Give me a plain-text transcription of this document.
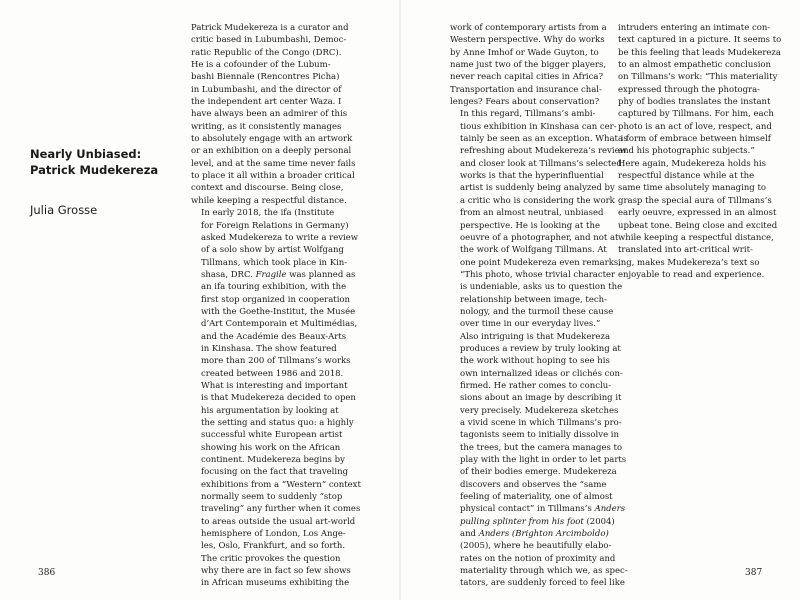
Nearly Unbiased:
Patrick Mudekereza
Julia Grosse

Patrick Mudekereza is a curator and
critic based in Lubumbashi, Democ-
ratic Republic of the Congo (DRC).
He is a cofounder of the Lubum-
bashi Biennale (Rencontres Picha)
in Lubumbashi, and the director of
the independent art center Waza. I
have always been an admirer of this
writing, as it consistently manages
to absolutely engage with an artwork
or an exhibition on a deeply personal
level, and at the same time never fails
to place it all within a broader critical
context and discourse. Being close,
while keeping a respectful distance.

In early 2018, the ifa (Institute
for Foreign Relations in Germany)
asked Mudekereza to write a review
of a solo show by artist Wolfgang
Tillmans, which took place in Kin-
shasa, DRC. Fragile was planned as
an ifa touring exhibition, with the
first stop organized in cooperation
with the Goethe-Institut, the Musée
d’Art Contemporain et Multimédias,
and the Académie des Beaux-Arts
in Kinshasa. The show featured
more than 200 of Tillmans’s works
created between 1986 and 2018.

What is interesting and important
is that Mudekereza decided to open
his argumentation by looking at
the setting and status quo: a highly
successful white European artist
showing his work on the African
continent. Mudekereza begins by
focusing on the fact that traveling
exhibitions from a “Western” context
normally seem to suddenly “stop
traveling” any further when it comes
to areas outside the usual art-world
hemisphere of London, Los Ange-
les, Oslo, Frankfurt, and so forth.
The critic provokes the question
why there are in fact so few shows
in African museums exhibiting the

work of contemporary artists from a
Western perspective. Why do works
by Anne Imhof or Wade Guyton, to
name just two of the bigger players,
never reach capital cities in Africa?
Transportation and insurance chal-
lenges? Fears about conservation?

In this regard, Tillmans’s ambi-
tious exhibition in Kinshasa can cer-
tainly be seen as an exception. What is
refreshing about Mudekereza’s review
and closer look at Tillmans’s selected
works is that the hyperinfluential
artist is suddenly being analyzed by
a critic who is considering the work
from an almost neutral, unbiased
perspective. He is looking at the
oeuvre of a photographer, and not at
the work of Wolfgang Tillmans. At
one point Mudekereza even remarks,
“This photo, whose trivial character
is undeniable, asks us to question the
relationship between image, tech-
nology, and the turmoil these cause
over time in our everyday lives.”

Also intriguing is that Mudekereza
produces a review by truly looking at
the work without hoping to see his
own internalized ideas or clichés con-
firmed. He rather comes to conclu-
sions about an image by describing it
very precisely. Mudekereza sketches
a vivid scene in which Tillmans’s pro-
tagonists seem to initially dissolve in
the trees, but the camera manages to
play with the light in order to let parts
of their bodies emerge. Mudekereza
discovers and observes the “same
feeling of materiality, one of almost
physical contact” in Tillmans’s Anders
pulling splinter from his foot (2004)
and Anders (Brighton Arcimboldo)
(2005), where he beautifully elabo-
rates on the notion of proximity and
materiality through which we, as spec-
tators, are suddenly forced to feel like

intruders entering an intimate con-
text captured in a picture. It seems to
be this feeling that leads Mudekereza
to an almost empathetic conclusion
on Tillmans’s work: “This materiality
expressed through the photogra-
phy of bodies translates the instant
captured by Tillmans. For him, each
photo is an act of love, respect, and
a form of embrace between himself
and his photographic subjects.”
Here again, Mudekereza holds his
respectful distance while at the
same time absolutely managing to
grasp the special aura of Tillmans’s
early oeuvre, expressed in an almost
upbeat tone. Being close and excited
while keeping a respectful distance,
translated into art-critical writ-
ing, makes Mudekereza’s text so
enjoyable to read and experience.

386	387
